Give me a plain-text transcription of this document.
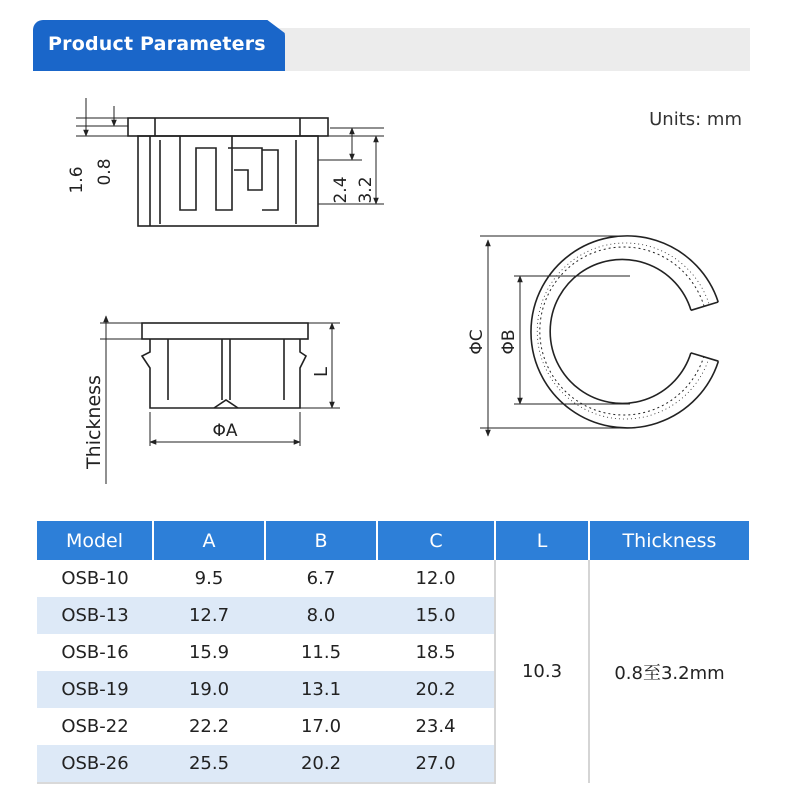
Product Parameters
Units: mm
1.6 0.8
2.4 3.2
Thickness
L
ΦA
ΦC ΦB
Model	A	B	C	L	Thickness
OSB-10	9.5	6.7	12.0	10.3	0.8至3.2mm
OSB-13	12.7	8.0	15.0		
OSB-16	15.9	11.5	18.5		
OSB-19	19.0	13.1	20.2		
OSB-22	22.2	17.0	23.4		
OSB-26	25.5	20.2	27.0		
